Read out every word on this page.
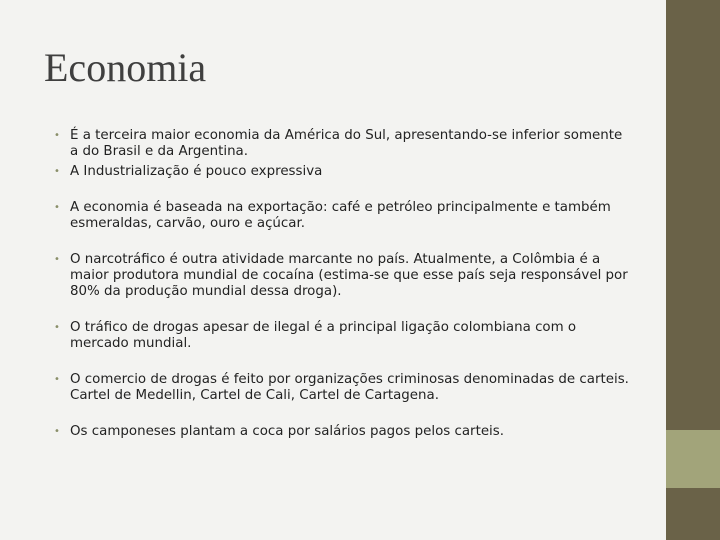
Economia
• É a terceira maior economia da América do Sul, apresentando-se inferior somente a do Brasil e da Argentina.
• A Industrialização é pouco expressiva
• A economia é baseada na exportação: café e petróleo principalmente e também esmeraldas, carvão, ouro e açúcar.
• O narcotráfico é outra atividade marcante no país. Atualmente, a Colômbia é a maior produtora mundial de cocaína (estima-se que esse país seja responsável por 80% da produção mundial dessa droga).
• O tráfico de drogas apesar de ilegal é a principal ligação colombiana com o mercado mundial.
• O comercio de drogas é feito por organizações criminosas denominadas de carteis. Cartel de Medellin, Cartel de Cali, Cartel de Cartagena.
• Os camponeses plantam a coca por salários pagos pelos carteis.
